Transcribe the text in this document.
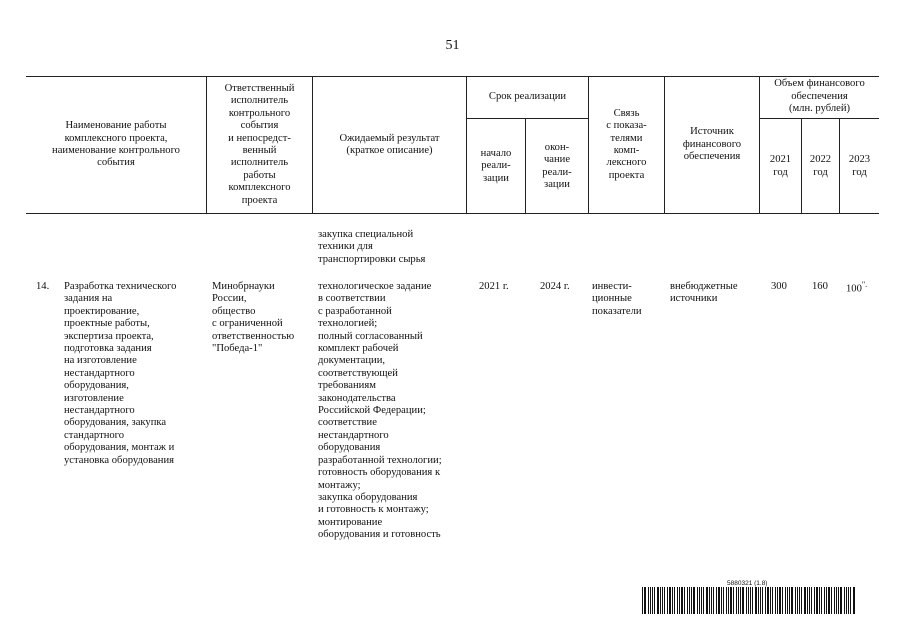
51
Наименование работы
комплексного проекта,
наименование контрольного
события
Ответственный
исполнитель
контрольного
события
и непосредст-
венный
исполнитель
работы
комплексного
проекта
Ожидаемый результат
(краткое описание)
Срок реализации
начало
реали-
зации
окон-
чание
реали-
зации
Связь
с показа-
телями
комп-
лексного
проекта
Источник
финансового
обеспечения
Объем финансового
обеспечения
(млн. рублей)
2021
год
2022
год
2023
год
закупка специальной
техники для
транспортировки сырья
14. Разработка технического
задания на
проектирование,
проектные работы,
экспертиза проекта,
подготовка задания
на изготовление
нестандартного
оборудования,
изготовление
нестандартного
оборудования, закупка
стандартного
оборудования, монтаж и
установка оборудования
Минобрнауки
России,
общество
с ограниченной
ответственностью
"Победа-1"
технологическое задание
в соответствии
с разработанной
технологией;
полный согласованный
комплект рабочей
документации,
соответствующей
требованиям
законодательства
Российской Федерации;
соответствие
нестандартного
оборудования
разработанной технологии;
готовность оборудования к
монтажу;
закупка оборудования
и готовность к монтажу;
монтирование
оборудования и готовность
2021 г.	2024 г. инвести-
ционные
показатели
внебюджетные
источники
300 160 100".
5880321 (1.8)
